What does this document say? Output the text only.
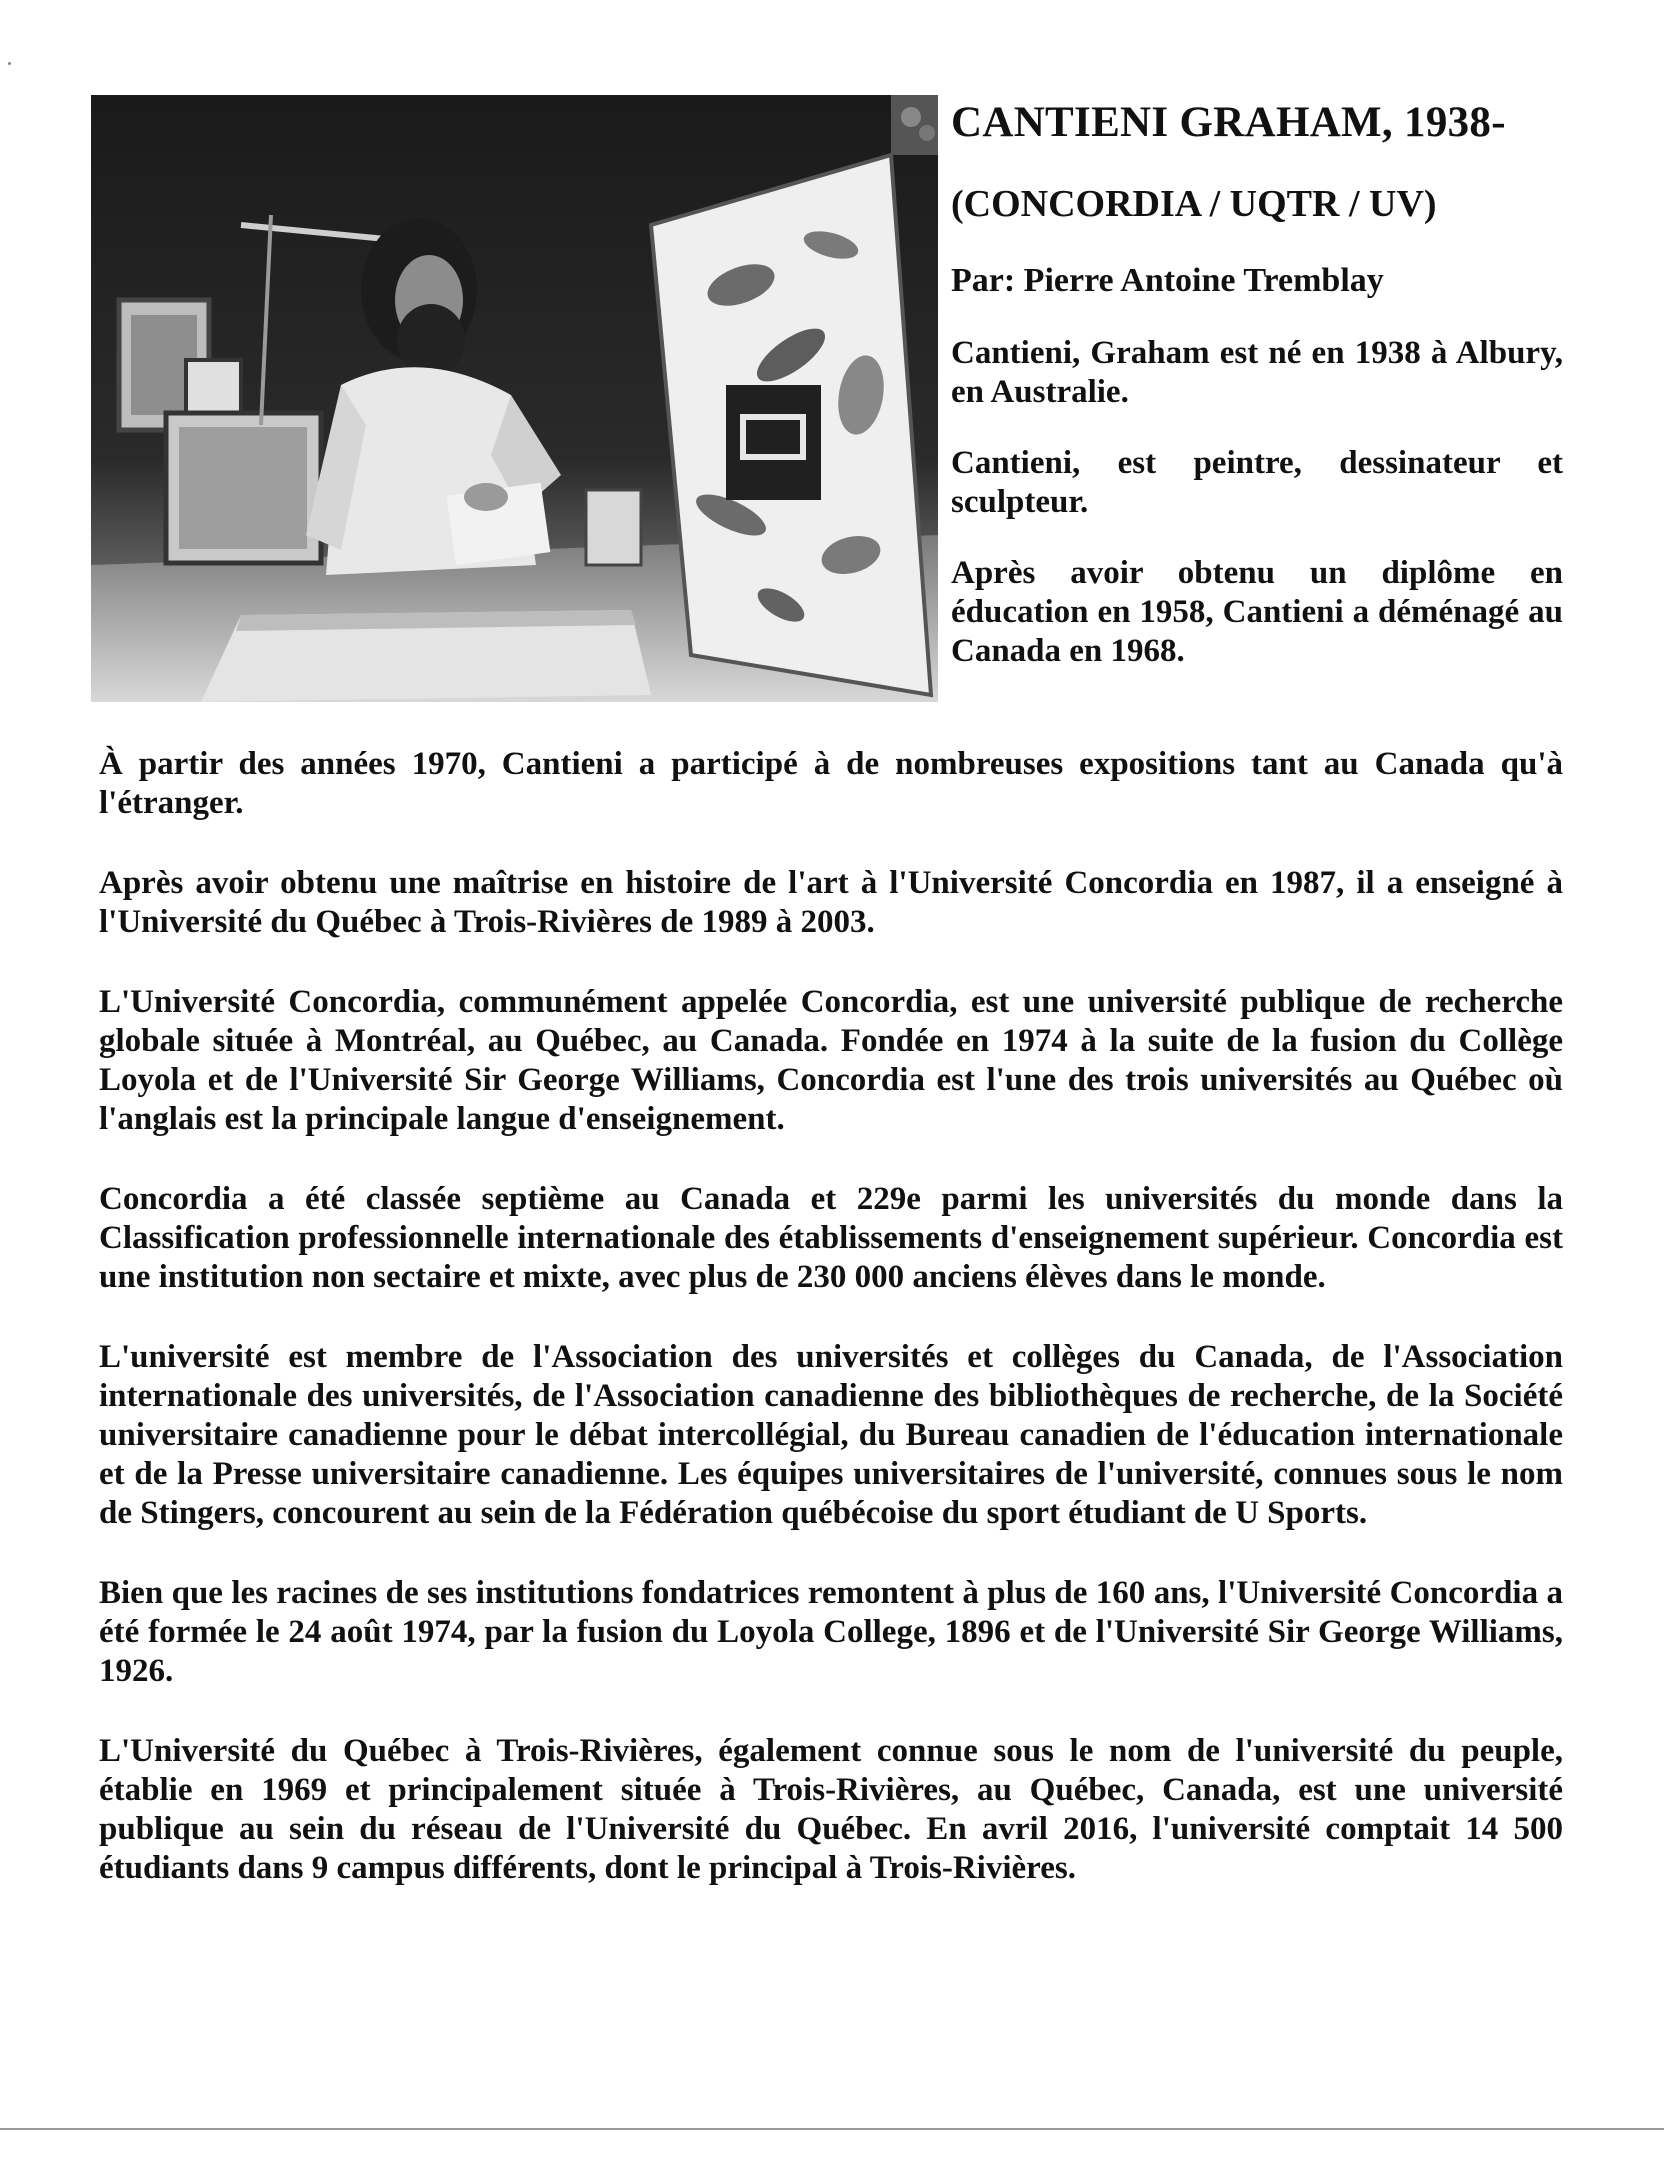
CANTIENI GRAHAM, 1938-

(CONCORDIA / UQTR / UV)

Par: Pierre Antoine Tremblay

Cantieni, Graham est né en 1938 à Albury, en Australie.

Cantieni, est peintre, dessinateur et sculpteur.

Après avoir obtenu un diplôme en éducation en 1958, Cantieni a déménagé au Canada en 1968.

À partir des années 1970, Cantieni a participé à de nombreuses expositions tant au Canada qu'à l'étranger.

Après avoir obtenu une maîtrise en histoire de l'art à l'Université Concordia en 1987, il a enseigné à l'Université du Québec à Trois-Rivières de 1989 à 2003.

L'Université Concordia, communément appelée Concordia, est une université publique de recherche globale située à Montréal, au Québec, au Canada. Fondée en 1974 à la suite de la fusion du Collège Loyola et de l'Université Sir George Williams, Concordia est l'une des trois universités au Québec où l'anglais est la principale langue d'enseignement.

Concordia a été classée septième au Canada et 229e parmi les universités du monde dans la Classification professionnelle internationale des établissements d'enseignement supérieur. Concordia est une institution non sectaire et mixte, avec plus de 230 000 anciens élèves dans le monde.

L'université est membre de l'Association des universités et collèges du Canada, de l'Association internationale des universités, de l'Association canadienne des bibliothèques de recherche, de la Société universitaire canadienne pour le débat intercollégial, du Bureau canadien de l'éducation internationale et de la Presse universitaire canadienne. Les équipes universitaires de l'université, connues sous le nom de Stingers, concourent au sein de la Fédération québécoise du sport étudiant de U Sports.

Bien que les racines de ses institutions fondatrices remontent à plus de 160 ans, l'Université Concordia a été formée le 24 août 1974, par la fusion du Loyola College, 1896 et de l'Université Sir George Williams, 1926.

L'Université du Québec à Trois-Rivières, également connue sous le nom de l'université du peuple, établie en 1969 et principalement située à Trois-Rivières, au Québec, Canada, est une université publique au sein du réseau de l'Université du Québec. En avril 2016, l'université comptait 14 500 étudiants dans 9 campus différents, dont le principal à Trois-Rivières.
